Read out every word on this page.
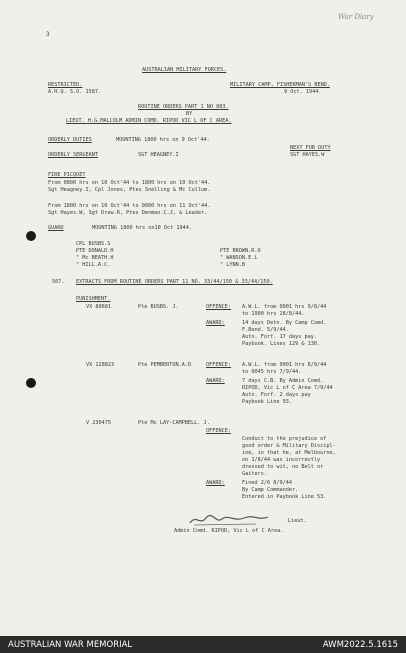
War Diary
3
AUSTRALIAN MILITARY FORCES.
RESTRICTED.
A.H.Q. S.O. 1587.
MILITARY CAMP, FISHERMAN'S BEND.
9 Oct. 1944.
ROUTINE ORDERS PART 1 NO 883.
BY
LIEUT. H.G.MALCOLM ADMIN COMD. RIPOD VIC L OF C AREA.
ORDERLY DUTIES	MOUNTING 1800 hrs on 9 Oct'44.
NEXT FOR DUTY
ORDERLY SERGEANT	SGT HEAGNEY.I	SGT HAYES.W
FIRE PICQUET
From 0800 hrs on 10 Oct'44 to 1800 hrs on 10 Oct'44.
Sgt Heagney.I, Cpl Jones, Ptes Snelling & Mc Cullum.
From 1800 hrs on 10 Oct'44 to 0800 hrs on 11 Oct'44.
Sgt Hayes.W, Sgt Drew.R, Ptes Denman.C.J, & Leader.
GUARD	MOUNTING 1800 hrs on10 Oct 1944.
CPL BUSBS.S
PTE DONALD.H
" Mc BEATH.H
" HILL.A.C.
PTE BROWN.R.O
" WANSON.E.L
" LYNN.B
507. EXTRACTS FROM ROUTINE ORDERS PART 11 NO. 33/44/150 & 33/44/150.
PUNISHMENT.
VX 80681	Pte BUSBS. J.	OFFENCE: A.W.L. from 0001 hrs 9/8/44
to 1900 hrs 28/8/44.
AWARD:	14 days Detn. By Camp Comd.
F.Bend. 5/9/44.
Auto. Forf. 17 days pay.
Paybook. Lines 129 & 130.
VX 128823	Pte PEMBERTON.A.D	OFFENCE: A.W.L. from 0001 hrs 6/9/44
to 0045 hrs 7/9/44.
AWARD:	7 days C.B. By Admin Comd.
RIPOD, Vic L of C Area 7/9/44
Auto. Forf. 2 days pay
Paybook Line 93.
V 230475	Pte Mc LAY-CAMPBELL. J.
OFFENCE:
Conduct to the prejudice of
good order & Military Discipl-
ine, in that he, at Melbourne,
on 1/8/44 was incorrectly
dressed to wit, no Belt or
Gaiters.
AWARD:	Fined 2/6 8/9/44
By Camp Commander.
Entered in Paybook Line 53.
Lieut.
Admin Comd. RIPOD, Vic L of C Area.
AUSTRALIAN WAR MEMORIAL	AWM2022.5.1615
